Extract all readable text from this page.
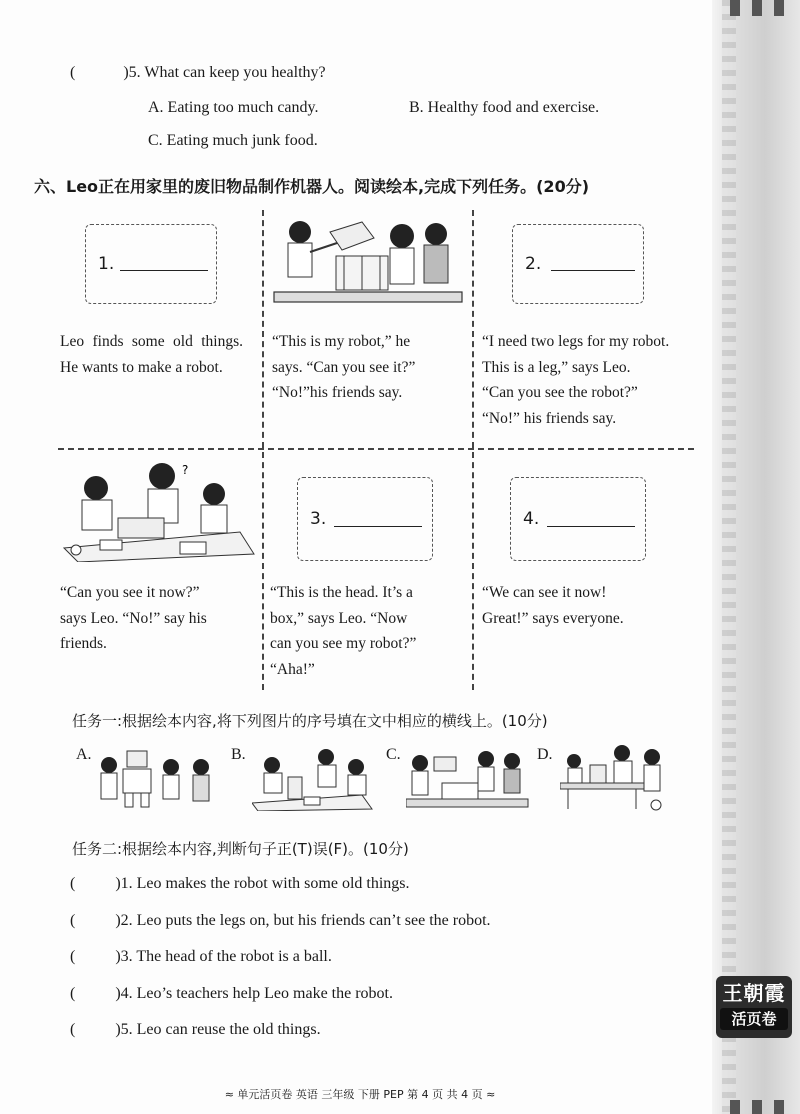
(	)5. What can keep you healthy?
A. Eating too much candy.	B. Healthy food and exercise.
C. Eating much junk food.
六、Leo正在用家里的废旧物品制作机器人。阅读绘本,完成下列任务。(20分)
1.	2.
Leo finds some old things. He wants to make a robot.
“This is my robot,” he
says. “Can you see it?”
“No!”his friends say.
“I need two legs for my robot.
This is a leg,” says Leo.
“Can you see the robot?”
“No!” his friends say.
?
3.	4.
“Can you see it now?”
says Leo. “No!” say his
friends.
“This is the head. It’s a
box,” says Leo. “Now
can you see my robot?”
“Aha!”
“We can see it now!
Great!” says everyone.
任务一:根据绘本内容,将下列图片的序号填在文中相应的横线上。(10分)
A.	B.	C.	D.
任务二:根据绘本内容,判断句子正(T)误(F)。(10分)
(	)1. Leo makes the robot with some old things.
(	)2. Leo puts the legs on, but his friends can’t see the robot.
(	)3. The head of the robot is a ball.
(	)4. Leo’s teachers help Leo make the robot.
(	)5. Leo can reuse the old things.
≈ 单元活页卷 英语 三年级 下册 PEP 第 4 页 共 4 页 ≈
王朝霞
活页卷
